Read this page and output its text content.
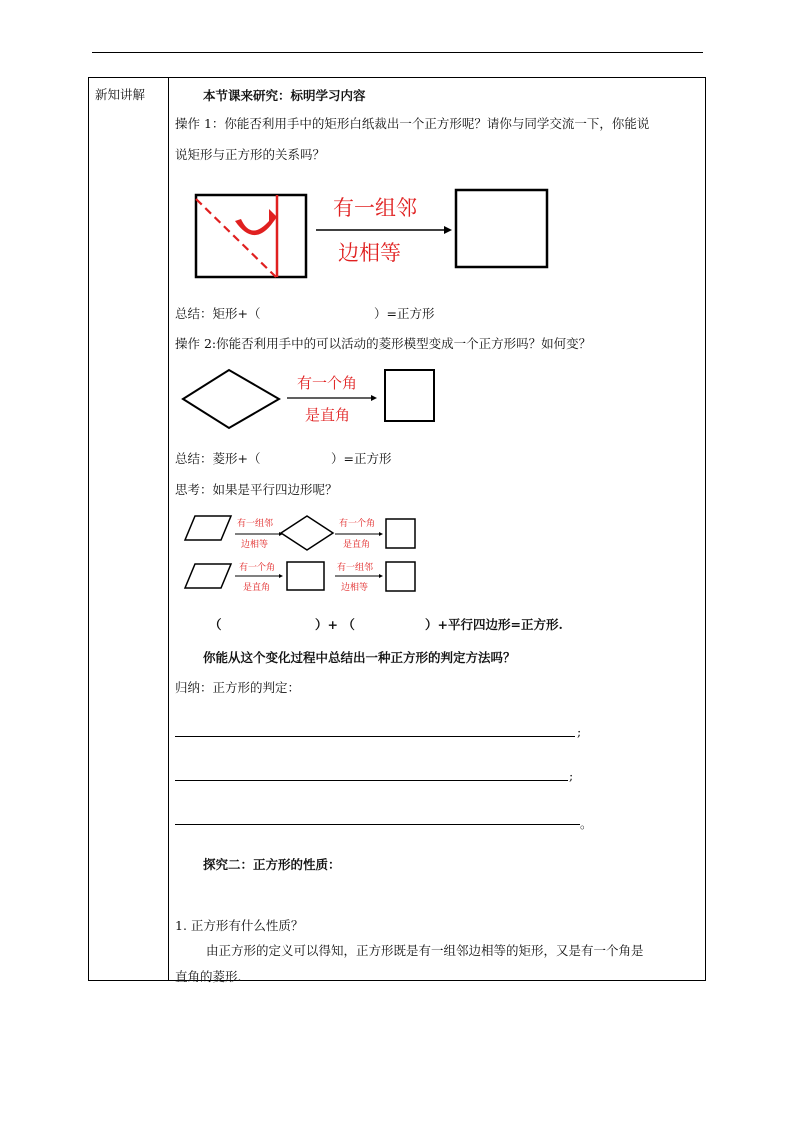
新知讲解	本节课来研究：标明学习内容
操作 1：你能否利用手中的矩形白纸裁出一个正方形呢？请你与同学交流一下，你能说
说矩形与正方形的关系吗？
有一组邻
边相等
总结：矩形+（	）=正方形
操作 2:你能否利用手中的可以活动的菱形模型变成一个正方形吗？如何变？
有一个角
是直角
总结：菱形+（	）=正方形
思考：如果是平行四边形呢？
有一组邻
边相等
有一个角
是直角
有一个角
是直角
有一组邻
边相等
（	）+ （	）+平行四边形=正方形.
你能从这个变化过程中总结出一种正方形的判定方法吗？
归纳：正方形的判定：
;
;
。
探究二：正方形的性质：
1. 正方形有什么性质？
由正方形的定义可以得知，正方形既是有一组邻边相等的矩形，又是有一个角是
直角的菱形.
